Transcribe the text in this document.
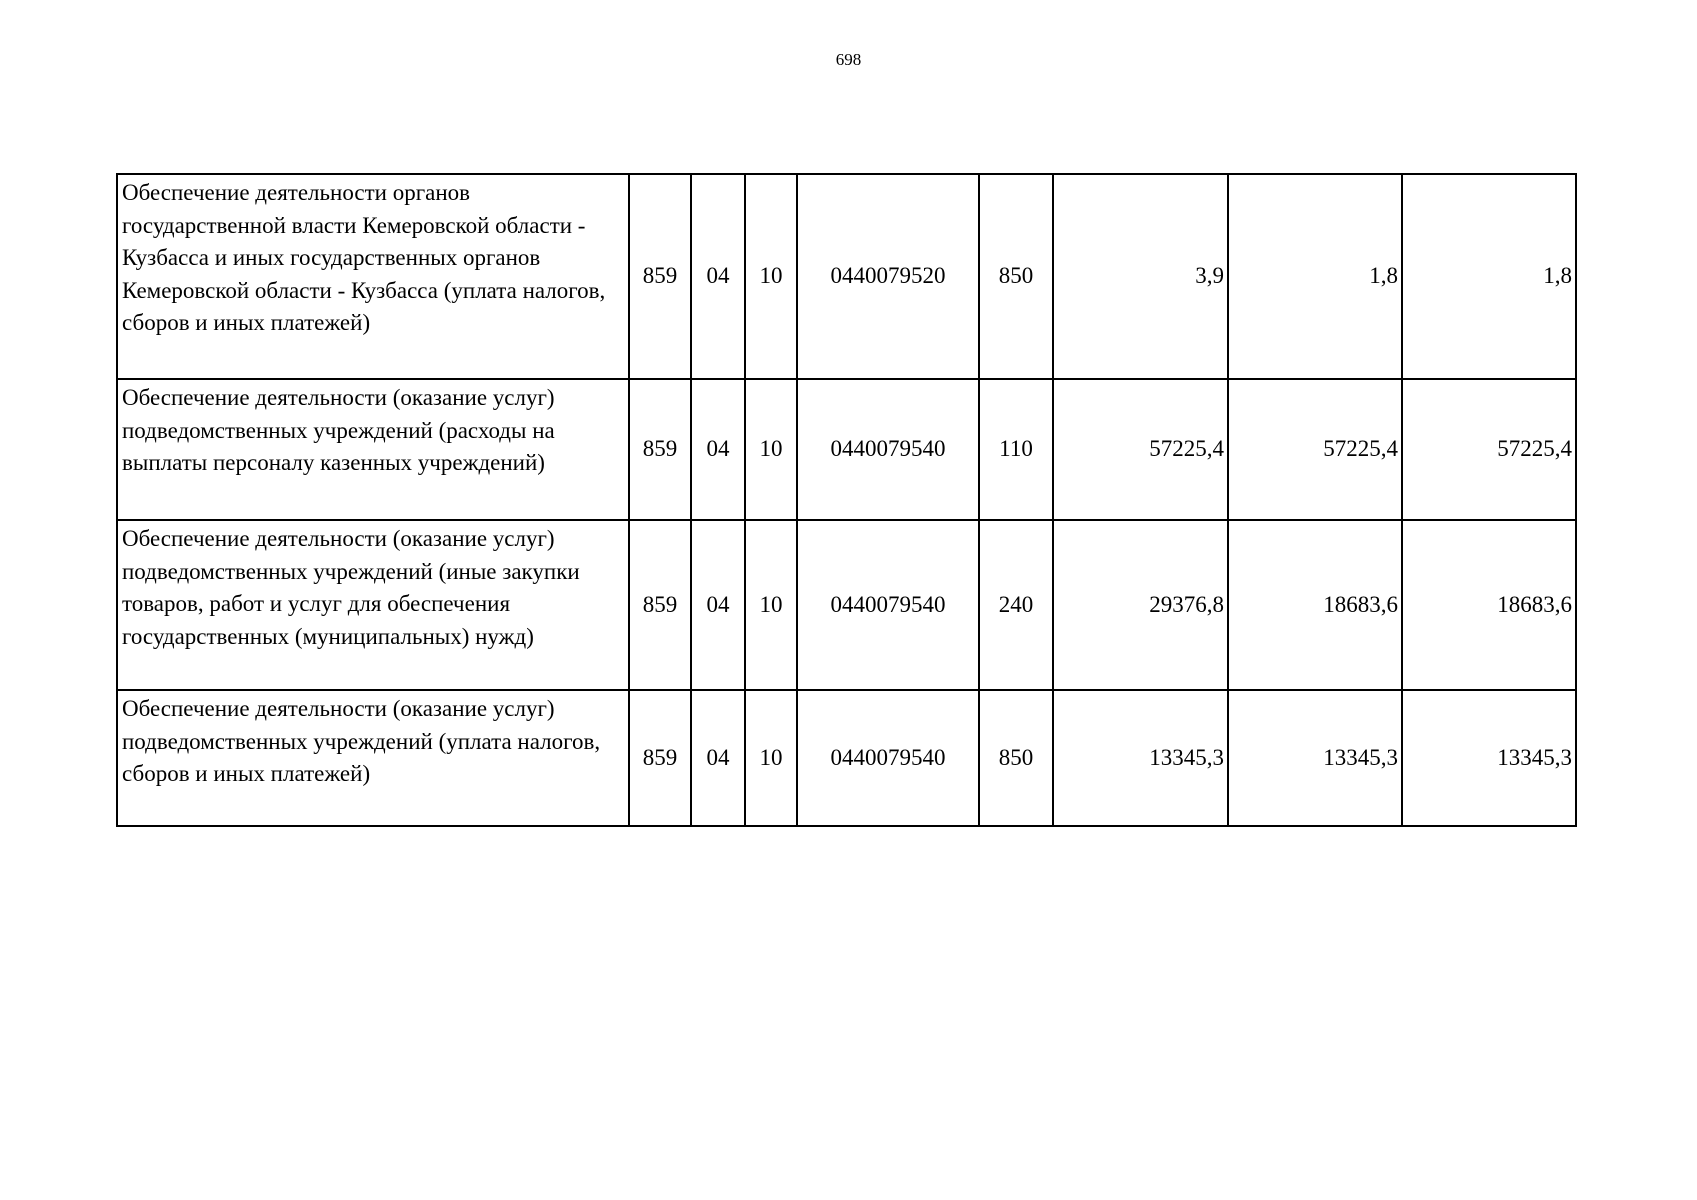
698
Обеспечение деятельности органов государственной власти Кемеровской области - Кузбасса и иных государственных органов Кемеровской области - Кузбасса (уплата налогов, сборов и иных платежей)	859	04	10	0440079520	850	3,9	1,8	1,8
Обеспечение деятельности (оказание услуг) подведомственных учреждений (расходы на выплаты персоналу казенных учреждений)	859	04	10	0440079540	110	57225,4	57225,4	57225,4
Обеспечение деятельности (оказание услуг) подведомственных учреждений (иные закупки товаров, работ и услуг для обеспечения государственных (муниципальных) нужд)	859	04	10	0440079540	240	29376,8	18683,6	18683,6
Обеспечение деятельности (оказание услуг) подведомственных учреждений (уплата налогов, сборов и иных платежей)	859	04	10	0440079540	850	13345,3	13345,3	13345,3
